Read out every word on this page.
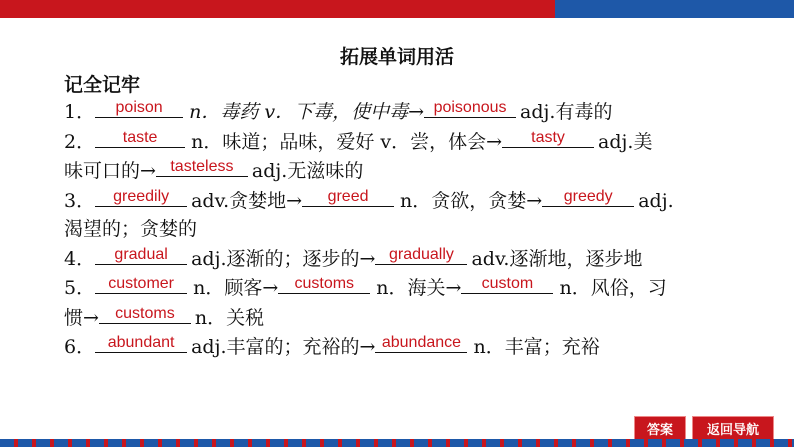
拓展单词用活
记全记牢
1．	poison	n．毒药 v．下毒，使中毒→ poisonous adj.有毒的
2．	taste	n．味道；品味，爱好 v．尝，体会→	tasty	adj.美
味可口的→ tasteless adj.无滋味的
3．	greedily	adv.贪婪地→	greed	n．贪欲，贪婪→	greedy	adj.
渴望的；贪婪的
4．	gradual	adj.逐渐的；逐步的→ gradually adv.逐渐地，逐步地
5． customer	n．顾客→	customs	n．海关→	custom	n．风俗，习
惯→	customs	n．关税
6． abundant adj.丰富的；充裕的→ abundance n．丰富；充裕
答案	返回导航
